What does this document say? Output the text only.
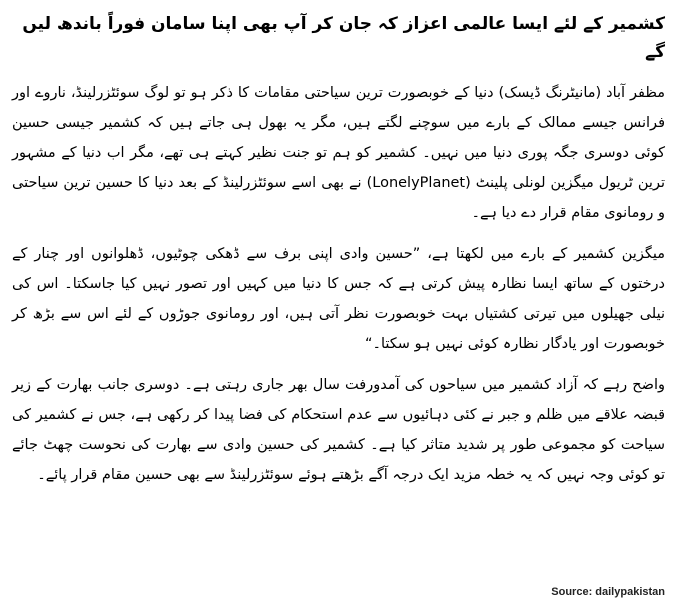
کشمیر کے لئے ایسا عالمی اعزاز کہ جان کر آپ بھی اپنا سامان فوراً باندھ لیں گے

مظفر آباد (مانیٹرنگ ڈیسک) دنیا کے خوبصورت ترین سیاحتی مقامات کا ذکر ہو تو لوگ سوئٹزرلینڈ، ناروے اور فرانس جیسے ممالک کے بارے میں سوچنے لگتے ہیں، مگر یہ بھول ہی جاتے ہیں کہ کشمیر جیسی حسین کوئی دوسری جگہ پوری دنیا میں نہیں۔ کشمیر کو ہم تو جنت نظیر کہتے ہی تھے، مگر اب دنیا کے مشہور ترین ٹریول میگزین لونلی پلینٹ (LonelyPlanet) نے بھی اسے سوئٹزرلینڈ کے بعد دنیا کا حسین ترین سیاحتی و رومانوی مقام قرار دے دیا ہے۔

میگزین کشمیر کے بارے میں لکھتا ہے، ”حسین وادی اپنی برف سے ڈھکی چوٹیوں، ڈھلوانوں اور چنار کے درختوں کے ساتھ ایسا نظارہ پیش کرتی ہے کہ جس کا دنیا میں کہیں اور تصور نہیں کیا جاسکتا۔ اس کی نیلی جھیلوں میں تیرتی کشتیاں بہت خوبصورت نظر آتی ہیں، اور رومانوی جوڑوں کے لئے اس سے بڑھ کر خوبصورت اور یادگار نظارہ کوئی نہیں ہو سکتا۔“

واضح رہے کہ آزاد کشمیر میں سیاحوں کی آمدورفت سال بھر جاری رہتی ہے۔ دوسری جانب بھارت کے زیر قبضہ علاقے میں ظلم و جبر نے کئی دہائیوں سے عدم استحکام کی فضا پیدا کر رکھی ہے، جس نے کشمیر کی سیاحت کو مجموعی طور پر شدید متاثر کیا ہے۔ کشمیر کی حسین وادی سے بھارت کی نحوست چھٹ جائے تو کوئی وجہ نہیں کہ یہ خطہ مزید ایک درجہ آگے بڑھتے ہوئے سوئٹزرلینڈ سے بھی حسین مقام قرار پائے۔

Source: dailypakistan
